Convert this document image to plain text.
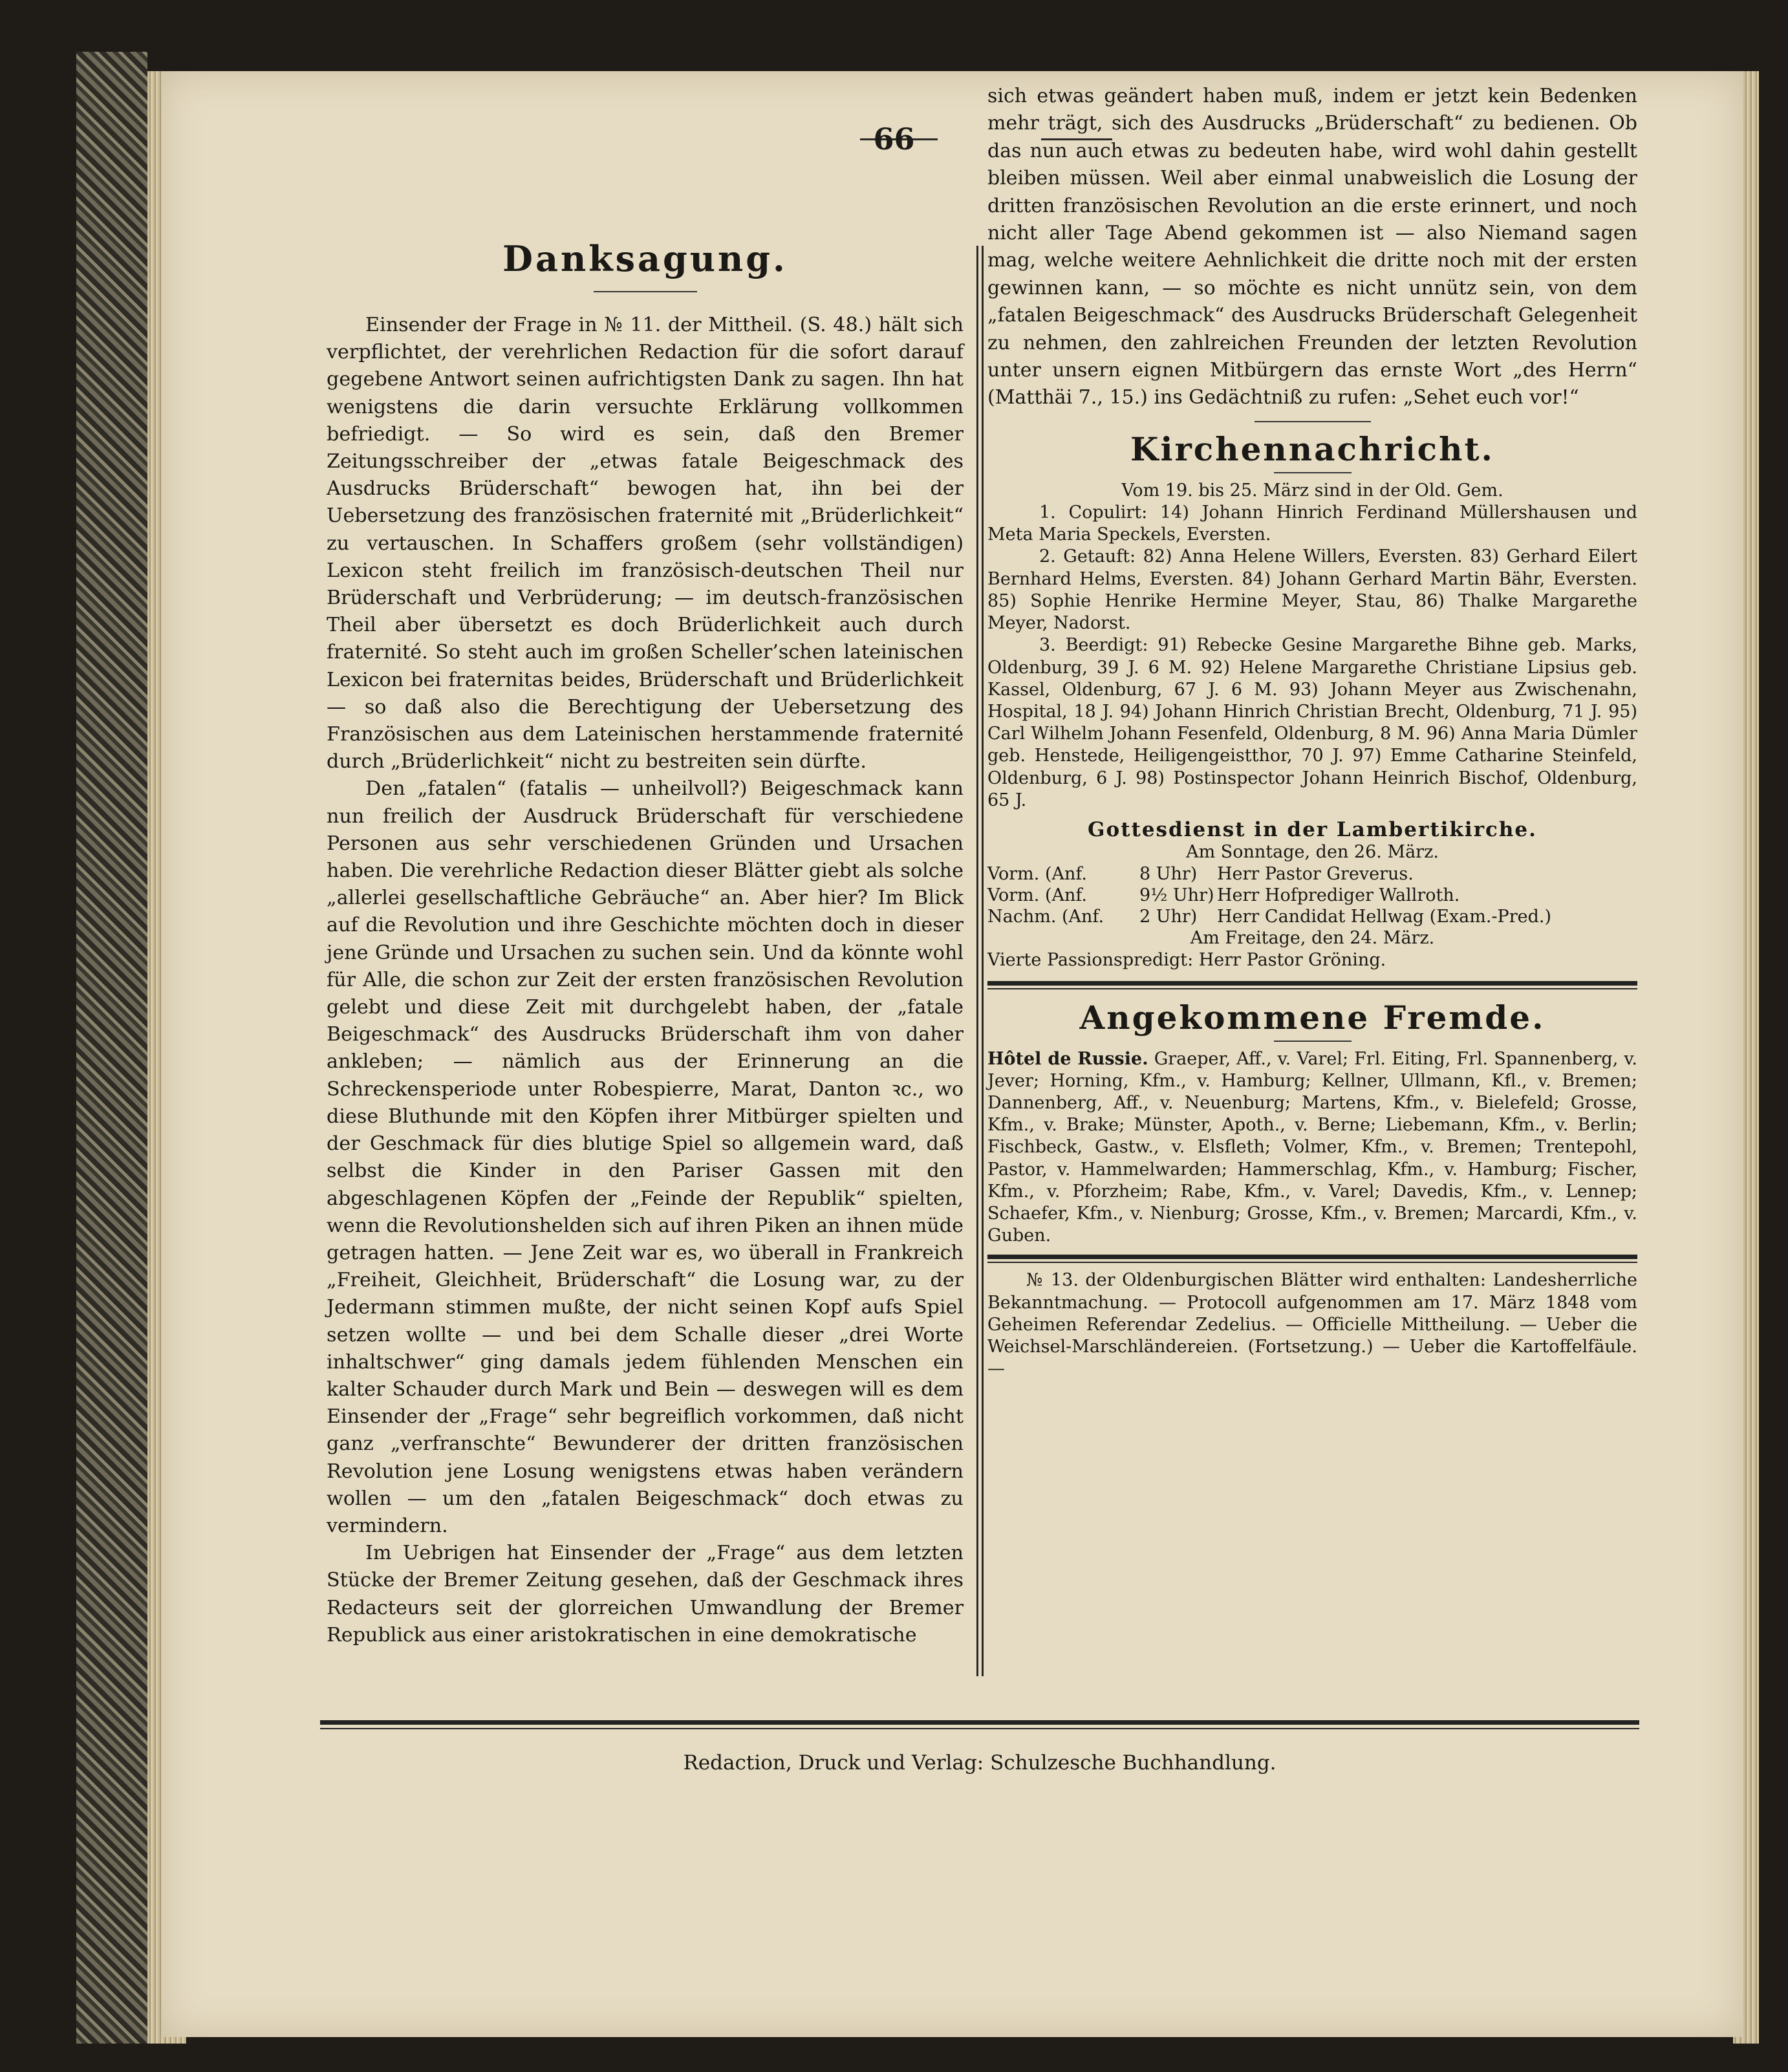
66
Danksagung.

Einsender der Frage in № 11. der Mittheil. (S. 48.) hält sich verpflichtet, der verehrlichen Redaction für die sofort darauf gegebene Antwort seinen aufrichtigsten Dank zu sagen. Ihn hat wenigstens die darin versuchte Erklärung vollkommen befriedigt. — So wird es sein, daß den Bremer Zeitungsschreiber der „etwas fatale Beigeschmack des Ausdrucks Brüderschaft“ bewogen hat, ihn bei der Uebersetzung des französischen fraternité mit „Brüderlichkeit“ zu vertauschen. In Schaffers großem (sehr vollständigen) Lexicon steht freilich im französisch-deutschen Theil nur Brüderschaft und Verbrüderung; — im deutsch-französischen Theil aber übersetzt es doch Brüderlichkeit auch durch fraternité. So steht auch im großen Scheller’schen lateinischen Lexicon bei fraternitas beides, Brüderschaft und Brüderlichkeit — so daß also die Berechtigung der Uebersetzung des Französischen aus dem Lateinischen herstammende fraternité durch „Brüderlichkeit“ nicht zu bestreiten sein dürfte.

Den „fatalen“ (fatalis — unheilvoll?) Beigeschmack kann nun freilich der Ausdruck Brüderschaft für verschiedene Personen aus sehr verschiedenen Gründen und Ursachen haben. Die verehrliche Redaction dieser Blätter giebt als solche „allerlei gesellschaftliche Gebräuche“ an. Aber hier? Im Blick auf die Revolution und ihre Geschichte möchten doch in dieser jene Gründe und Ursachen zu suchen sein. Und da könnte wohl für Alle, die schon zur Zeit der ersten französischen Revolution gelebt und diese Zeit mit durchgelebt haben, der „fatale Beigeschmack“ des Ausdrucks Brüderschaft ihm von daher ankleben; — nämlich aus der Erinnerung an die Schreckensperiode unter Robespierre, Marat, Danton ꝛc., wo diese Bluthunde mit den Köpfen ihrer Mitbürger spielten und der Geschmack für dies blutige Spiel so allgemein ward, daß selbst die Kinder in den Pariser Gassen mit den abgeschlagenen Köpfen der „Feinde der Republik“ spielten, wenn die Revolutionshelden sich auf ihren Piken an ihnen müde getragen hatten. — Jene Zeit war es, wo überall in Frankreich „Freiheit, Gleichheit, Brüderschaft“ die Losung war, zu der Jedermann stimmen mußte, der nicht seinen Kopf aufs Spiel setzen wollte — und bei dem Schalle dieser „drei Worte inhaltschwer“ ging damals jedem fühlenden Menschen ein kalter Schauder durch Mark und Bein — deswegen will es dem Einsender der „Frage“ sehr begreiflich vorkommen, daß nicht ganz „verfranschte“ Bewunderer der dritten französischen Revolution jene Losung wenigstens etwas haben verändern wollen — um den „fatalen Beigeschmack“ doch etwas zu vermindern.

Im Uebrigen hat Einsender der „Frage“ aus dem letzten Stücke der Bremer Zeitung gesehen, daß der Geschmack ihres Redacteurs seit der glorreichen Umwandlung der Bremer Republick aus einer aristokratischen in eine demokratische

sich etwas geändert haben muß, indem er jetzt kein Bedenken mehr trägt, sich des Ausdrucks „Brüderschaft“ zu bedienen. Ob das nun auch etwas zu bedeuten habe, wird wohl dahin gestellt bleiben müssen. Weil aber einmal unabweislich die Losung der dritten französischen Revolution an die erste erinnert, und noch nicht aller Tage Abend gekommen ist — also Niemand sagen mag, welche weitere Aehnlichkeit die dritte noch mit der ersten gewinnen kann, — so möchte es nicht unnütz sein, von dem „fatalen Beigeschmack“ des Ausdrucks Brüderschaft Gelegenheit zu nehmen, den zahlreichen Freunden der letzten Revolution unter unsern eignen Mitbürgern das ernste Wort „des Herrn“ (Matthäi 7., 15.) ins Gedächtniß zu rufen: „Sehet euch vor!“

Kirchennachricht.

Vom 19. bis 25. März sind in der Old. Gem.

1. Copulirt: 14) Johann Hinrich Ferdinand Müllershausen und Meta Maria Speckels, Eversten.

2. Getauft: 82) Anna Helene Willers, Eversten. 83) Gerhard Eilert Bernhard Helms, Eversten. 84) Johann Gerhard Martin Bähr, Eversten. 85) Sophie Henrike Hermine Meyer, Stau, 86) Thalke Margarethe Meyer, Nadorst.

3. Beerdigt: 91) Rebecke Gesine Margarethe Bihne geb. Marks, Oldenburg, 39 J. 6 M. 92) Helene Margarethe Christiane Lipsius geb. Kassel, Oldenburg, 67 J. 6 M. 93) Johann Meyer aus Zwischenahn, Hospital, 18 J. 94) Johann Hinrich Christian Brecht, Oldenburg, 71 J. 95) Carl Wilhelm Johann Fesenfeld, Oldenburg, 8 M. 96) Anna Maria Dümler geb. Henstede, Heiligengeistthor, 70 J. 97) Emme Catharine Steinfeld, Oldenburg, 6 J. 98) Postinspector Johann Heinrich Bischof, Oldenburg, 65 J.

Gottesdienst in der Lambertikirche.

Am Sonntage, den 26. März.

Vorm. (Anf.	8 Uhr)	Herr Pastor Greverus.
Vorm. (Anf.	9½ Uhr) Herr Hofprediger Wallroth.
Nachm. (Anf.	2 Uhr)	Herr Candidat Hellwag (Exam.-Pred.)

Am Freitage, den 24. März.

Vierte Passionspredigt: Herr Pastor Gröning.

Angekommene Fremde.

Hôtel de Russie. Graeper, Aff., v. Varel; Frl. Eiting, Frl. Spannenberg, v. Jever; Horning, Kfm., v. Hamburg; Kellner, Ullmann, Kfl., v. Bremen; Dannenberg, Aff., v. Neuenburg; Martens, Kfm., v. Bielefeld; Grosse, Kfm., v. Brake; Münster, Apoth., v. Berne; Liebemann, Kfm., v. Berlin; Fischbeck, Gastw., v. Elsfleth; Volmer, Kfm., v. Bremen; Trentepohl, Pastor, v. Hammelwarden; Hammerschlag, Kfm., v. Hamburg; Fischer, Kfm., v. Pforzheim; Rabe, Kfm., v. Varel; Davedis, Kfm., v. Lennep; Schaefer, Kfm., v. Nienburg; Grosse, Kfm., v. Bremen; Marcardi, Kfm., v. Guben.

№ 13. der Oldenburgischen Blätter wird enthalten: Landesherrliche Bekanntmachung. — Protocoll aufgenommen am 17. März 1848 vom Geheimen Referendar Zedelius. — Officielle Mittheilung. — Ueber die Weichsel-Marschländereien. (Fortsetzung.) — Ueber die Kartoffelfäule. —

Redaction, Druck und Verlag: Schulzesche Buchhandlung.
